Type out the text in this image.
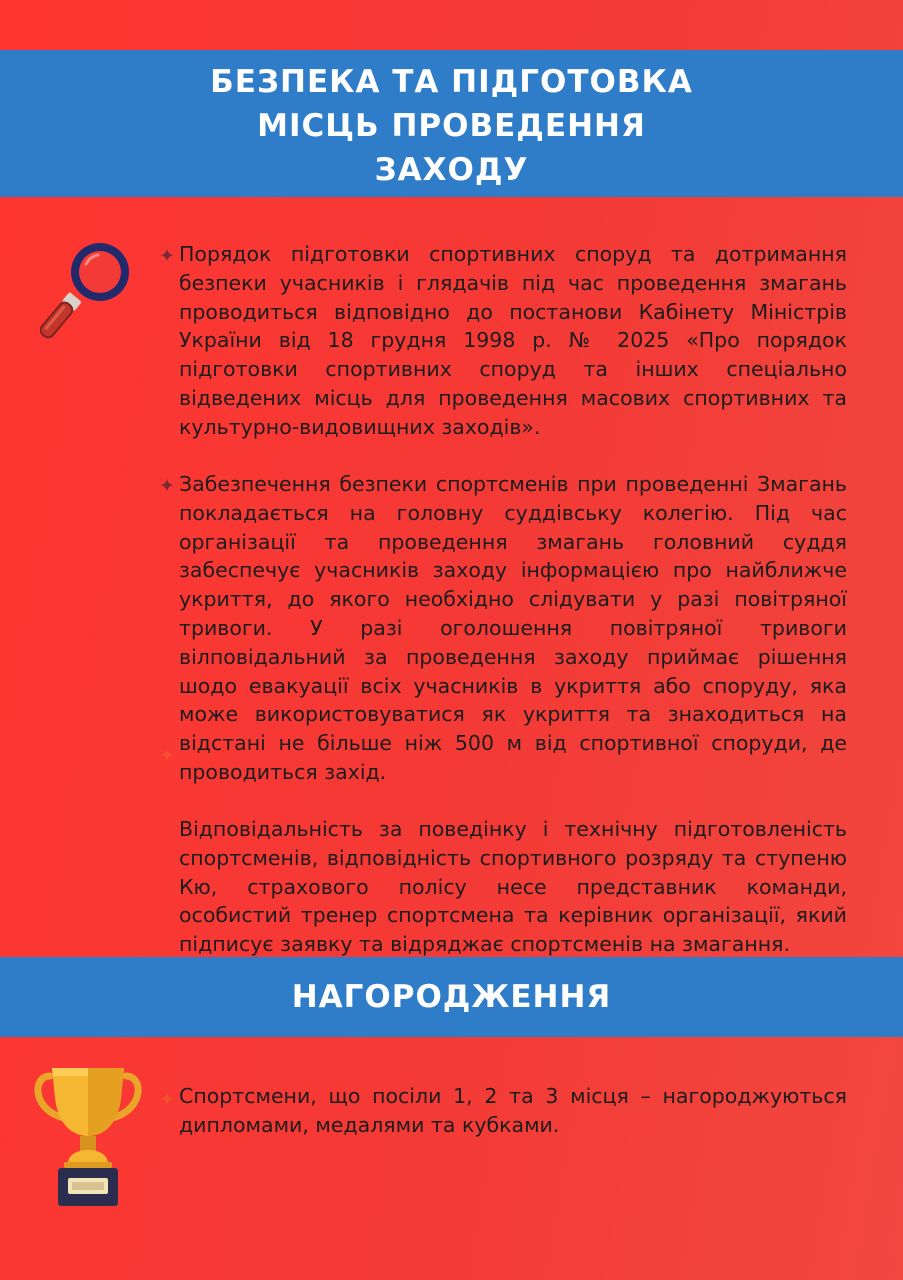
БЕЗПЕКА ТА ПІДГОТОВКА
МІСЦЬ ПРОВЕДЕННЯ
ЗАХОДУ
✦ Порядок підготовки спортивних споруд та дотримання безпеки учасників і глядачів під час проведення змагань проводиться відповідно до постанови Кабінету Міністрів України від 18 грудня 1998 р. № 2025 «Про порядок підготовки спортивних споруд та інших спеціально відведених місць для проведення масових спортивних та культурно-видовищних заходів».

✦ Забезпечення безпеки спортсменів при проведенні Змагань покладається на головну суддівську колегію. Під час організації та проведення змагань головний суддя забеспечує учасників заходу інформацією про найближче укриття, до якого необхідно слідувати у разі повітряної тривоги. У разі оголошення повітряної тривоги вілповідальний за проведення заходу приймає рішення шодо евакуації всіх учасників в укриття або споруду, яка може використовуватися як укриття та знаходиться на відстані не більше ніж 500 м від спортивної споруди, де проводиться захід.

✦

Відповідальність за поведінку і технічну підготовленість спортсменів, відповідність спортивного розряду та ступеню Кю, страхового полісу несе представник команди, особистий тренер спортсмена та керівник організації, який підписує заявку та відряджає спортсменів на змагання.

НАГОРОДЖЕННЯ
✦ Спортсмени, що посіли 1, 2 та 3 місця – нагороджуються дипломами, медалями та кубками.
